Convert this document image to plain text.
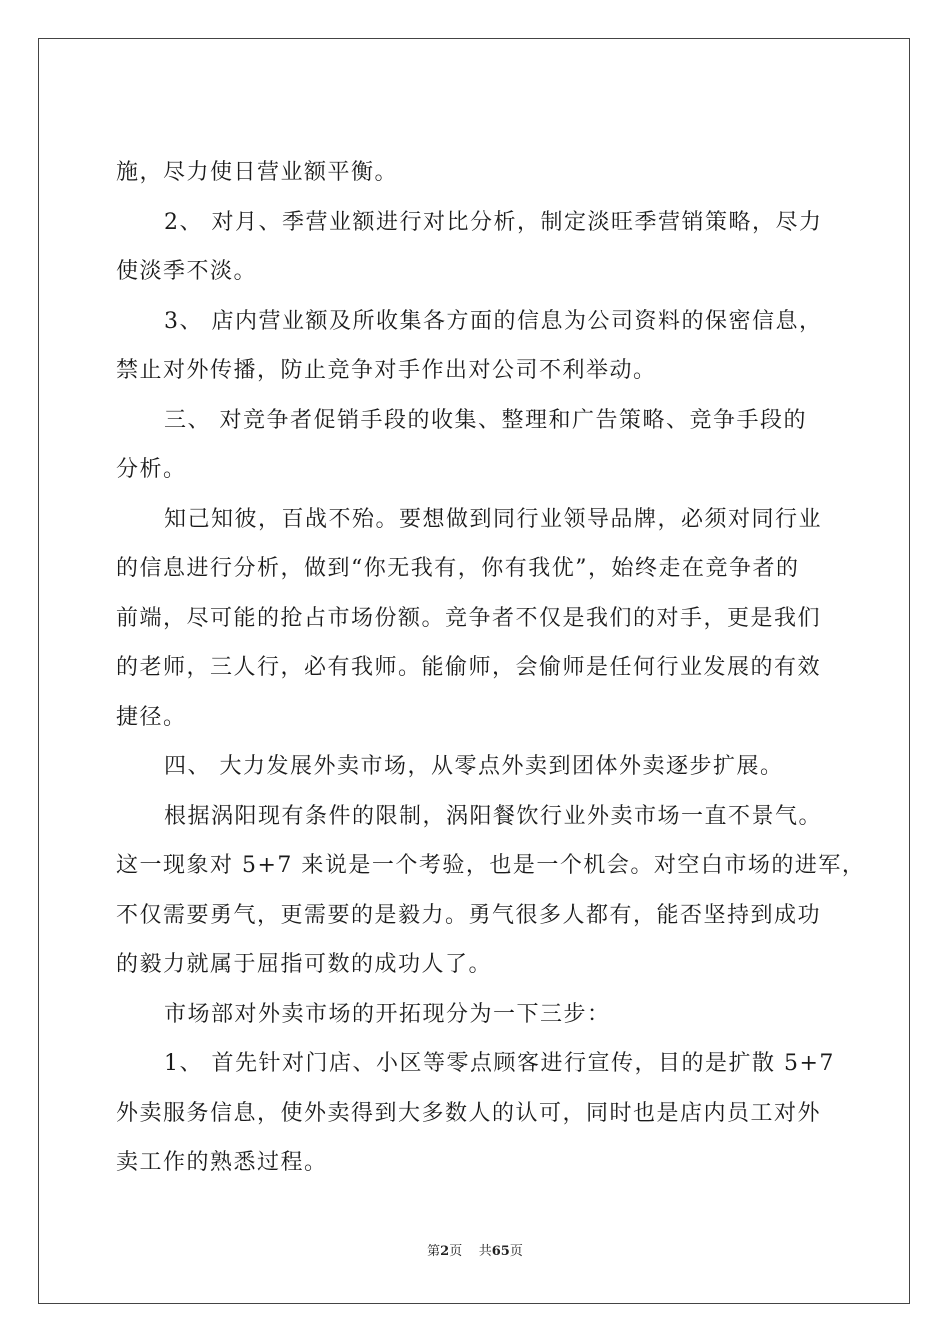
施，尽力使日营业额平衡。

2、 对月、季营业额进行对比分析，制定淡旺季营销策略，尽力

使淡季不淡。

3、 店内营业额及所收集各方面的信息为公司资料的保密信息，

禁止对外传播，防止竞争对手作出对公司不利举动。

三、 对竞争者促销手段的收集、整理和广告策略、竞争手段的

分析。

知己知彼，百战不殆。要想做到同行业领导品牌，必须对同行业

的信息进行分析，做到“你无我有，你有我优”，始终走在竞争者的

前端，尽可能的抢占市场份额。竞争者不仅是我们的对手，更是我们

的老师，三人行，必有我师。能偷师，会偷师是任何行业发展的有效

捷径。

四、 大力发展外卖市场，从零点外卖到团体外卖逐步扩展。

根据涡阳现有条件的限制，涡阳餐饮行业外卖市场一直不景气。

这一现象对 5+7 来说是一个考验，也是一个机会。对空白市场的进军，

不仅需要勇气，更需要的是毅力。勇气很多人都有，能否坚持到成功

的毅力就属于屈指可数的成功人了。

市场部对外卖市场的开拓现分为一下三步：

1、 首先针对门店、小区等零点顾客进行宣传，目的是扩散 5+7

外卖服务信息，使外卖得到大多数人的认可，同时也是店内员工对外

卖工作的熟悉过程。

第2页 共65页
